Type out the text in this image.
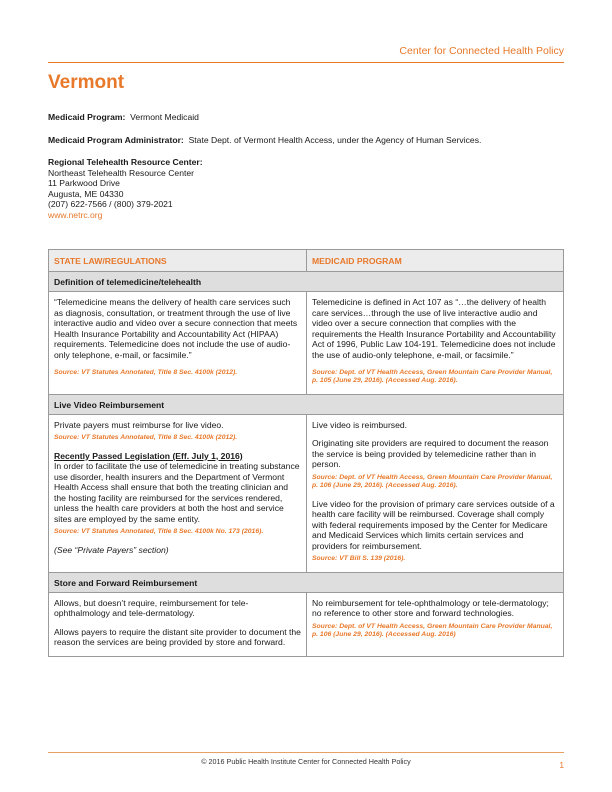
Center for Connected Health Policy
Vermont
Medicaid Program: Vermont Medicaid
Medicaid Program Administrator: State Dept. of Vermont Health Access, under the Agency of Human Services.
Regional Telehealth Resource Center:
Northeast Telehealth Resource Center
11 Parkwood Drive
Augusta, ME 04330
(207) 622-7566 / (800) 379-2021
www.netrc.org
STATE LAW/REGULATIONS	MEDICAID PROGRAM
Definition of telemedicine/telehealth

“Telemedicine means the delivery of health care services such as diagnosis, consultation, or treatment through the use of live interactive audio and video over a secure connection that meets Health Insurance Portability and Accountability Act (HIPAA) requirements. Telemedicine does not include the use of audio-only telephone, e-mail, or facsimile.”

Source: VT Statutes Annotated, Title 8 Sec. 4100k (2012).

Telemedicine is defined in Act 107 as “…the delivery of health care services…through the use of live interactive audio and video over a secure connection that complies with the requirements the Health Insurance Portability and Accountability Act of 1996, Public Law 104-191. Telemedicine does not include the use of audio-only telephone, e-mail, or facsimile.”

Source: Dept. of VT Health Access, Green Mountain Care Provider Manual, p. 105 (June 29, 2016). (Accessed Aug. 2016).
Live Video Reimbursement

Private payers must reimburse for live video.

Source: VT Statutes Annotated, Title 8 Sec. 4100k (2012).
Recently Passed Legislation (Eff. July 1, 2016)

In order to facilitate the use of telemedicine in treating substance use disorder, health insurers and the Department of Vermont Health Access shall ensure that both the treating clinician and the hosting facility are reimbursed for the services rendered, unless the health care providers at both the host and service sites are employed by the same entity.

Source: VT Statutes Annotated, Title 8 Sec. 4100k No. 173 (2016).

(See “Private Payers” section)

Live video is reimbursed.

Originating site providers are required to document the reason the service is being provided by telemedicine rather than in person.

Source: Dept. of VT Health Access, Green Mountain Care Provider Manual, p. 106 (June 29, 2016). (Accessed Aug. 2016).

Live video for the provision of primary care services outside of a health care facility will be reimbursed. Coverage shall comply with federal requirements imposed by the Center for Medicare and Medicaid Services which limits certain services and providers for reimbursement.

Source: VT Bill S. 139 (2016).
Store and Forward Reimbursement

Allows, but doesn’t require, reimbursement for tele-ophthalmology and tele-dermatology.

Allows payers to require the distant site provider to document the reason the services are being provided by store and forward.

No reimbursement for tele-ophthalmology or tele-dermatology; no reference to other store and forward technologies.

Source: Dept. of VT Health Access, Green Mountain Care Provider Manual, p. 106 (June 29, 2016). (Accessed Aug. 2016)
© 2016 Public Health Institute Center for Connected Health Policy	1
